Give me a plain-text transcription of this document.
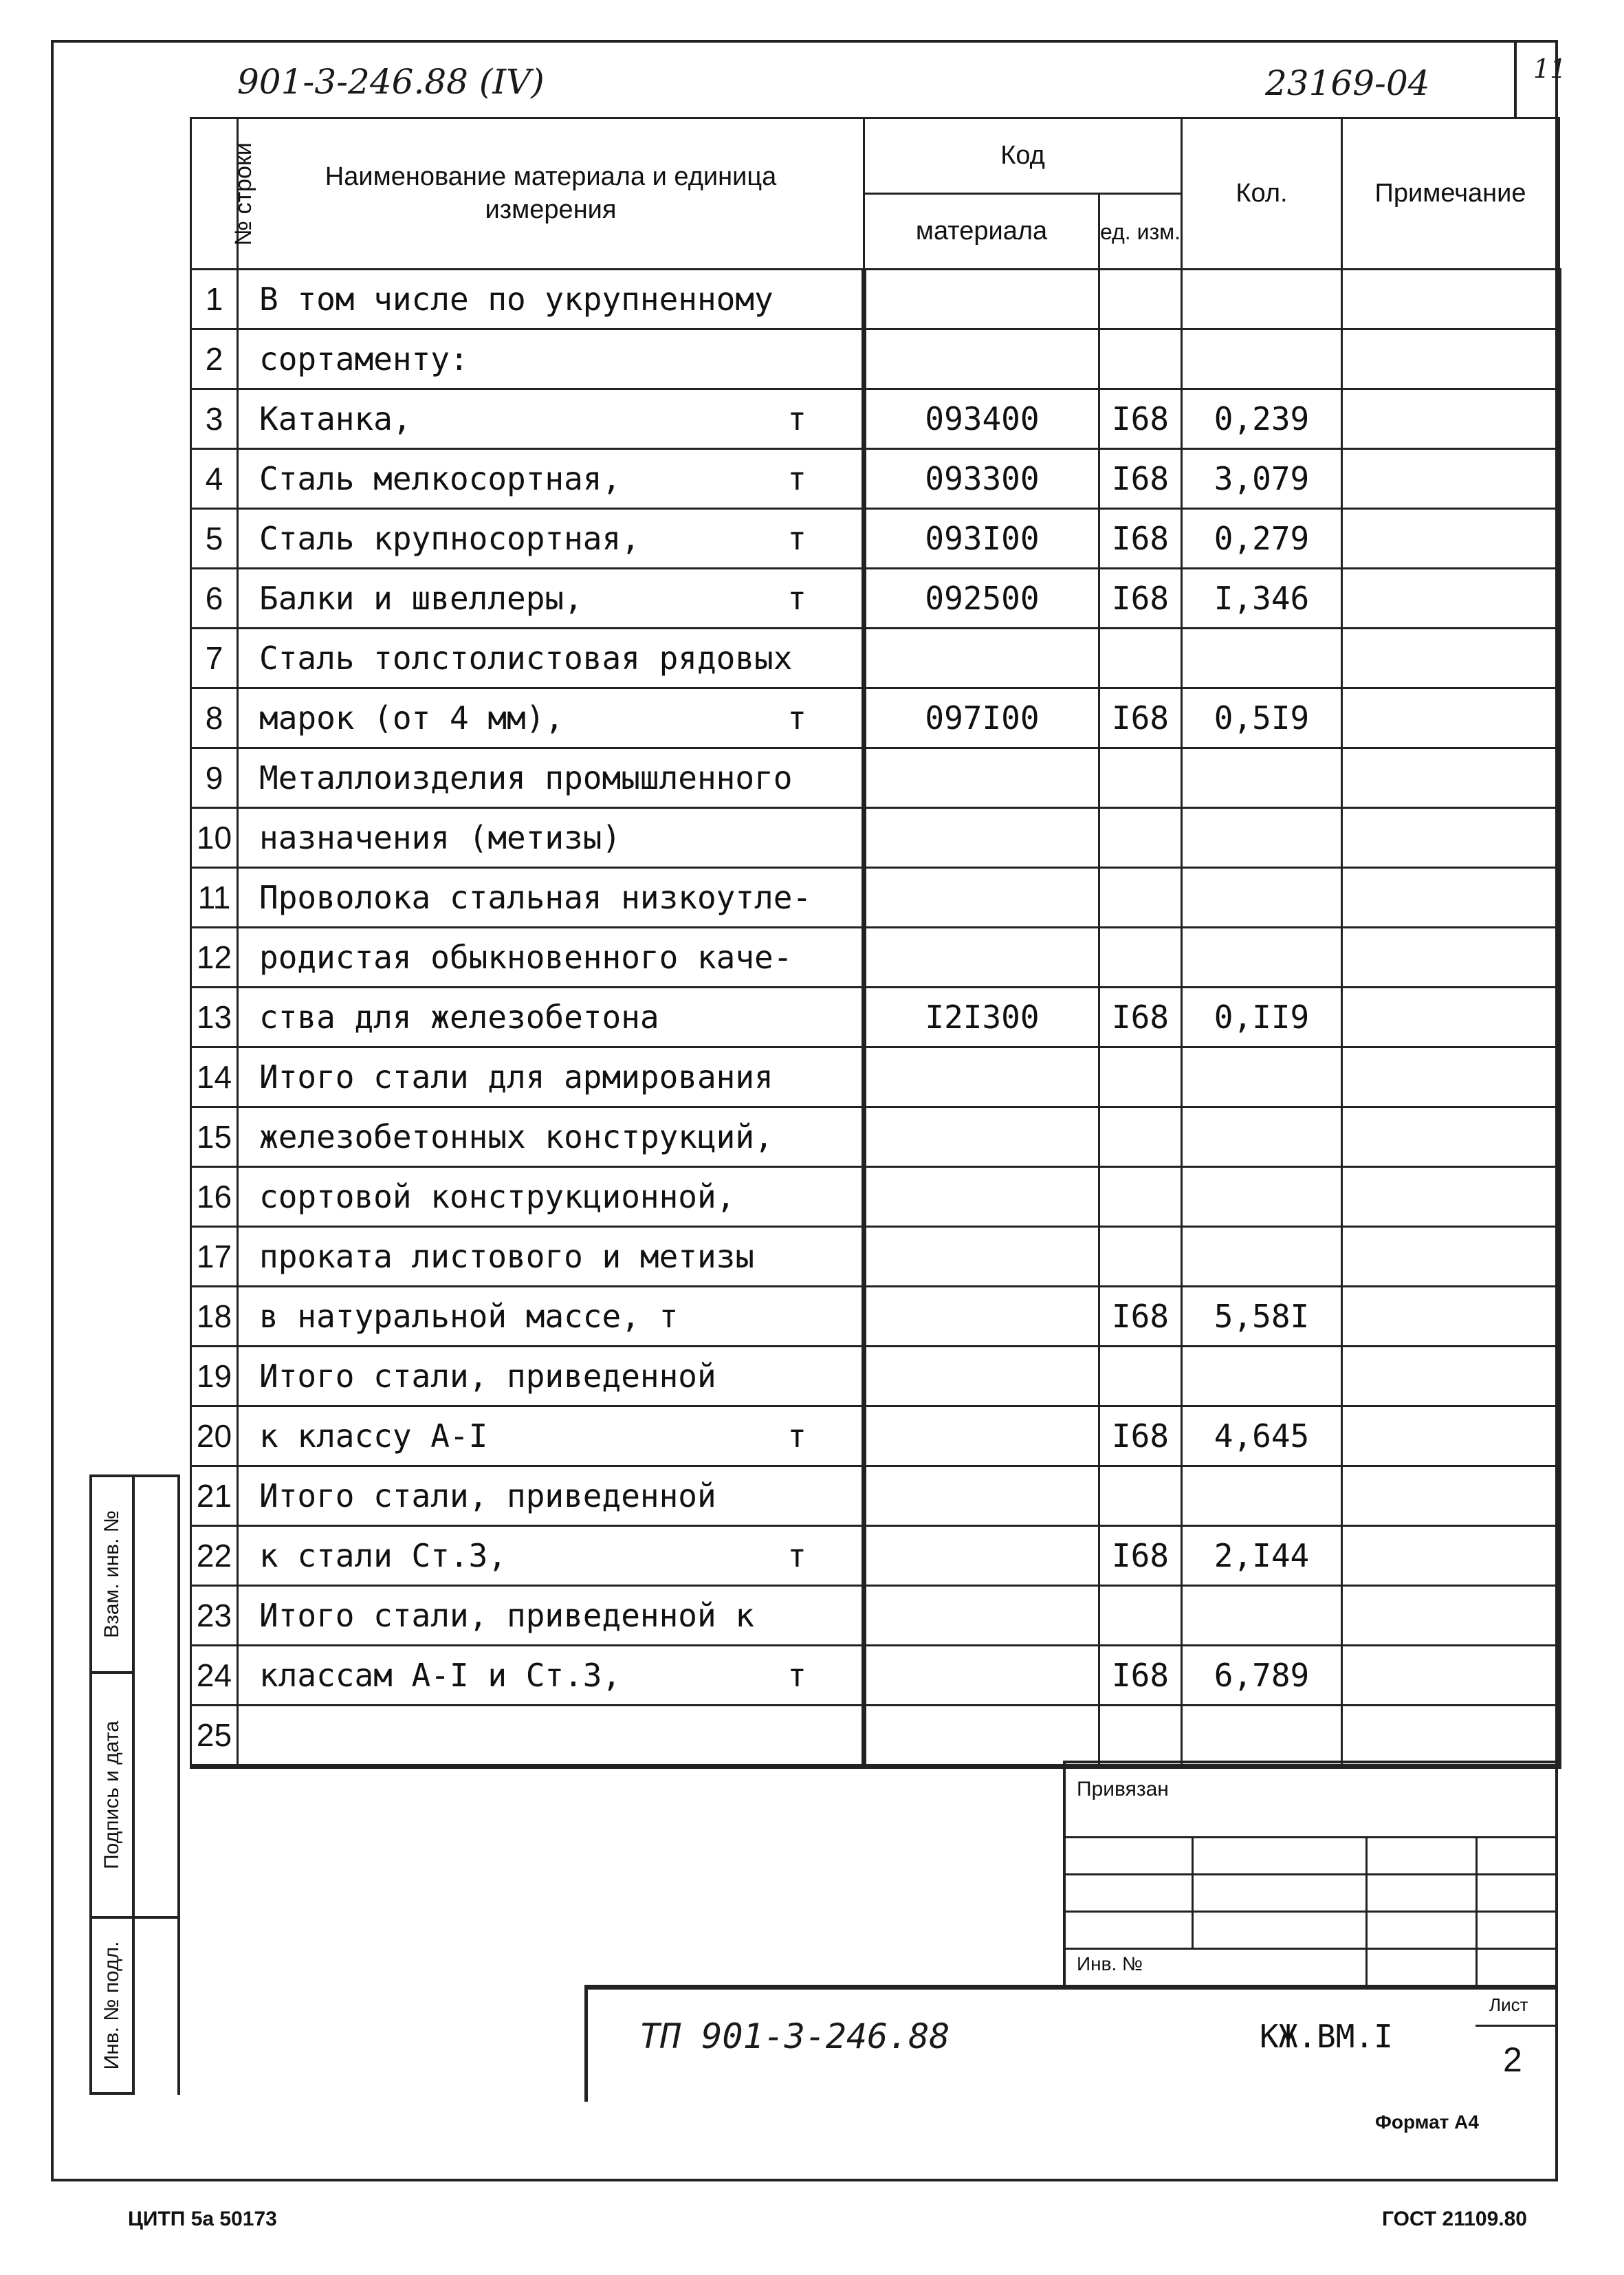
901-3-246.88 (IV)	23169-04	11
№ строки	Наименование материала и единица измерения	Код		Кол.	Примечание
		материала	ед. изм.		
1	В том числе по укрупненному

2	сортаменту:

3	Катанка, т	093400	I68	0,239	
4	Сталь мелкосортная, т	093300	I68	3,079	
5	Сталь крупносортная, т	093I00	I68	0,279	
6	Балки и швеллеры, т	092500	I68	I,346	
7	Сталь толстолистовая рядовых

8	марок (от 4 мм), т	097I00	I68	0,5I9	
9	Металлоизделия промышленного

10	назначения (метизы)

11	Проволока стальная низкоутле-

12	родистая обыкновенного каче-

13	ства для железобетона	I2I300	I68	0,II9	
14	Итого стали для армирования

15	железобетонных конструкций,

16	сортовой конструкционной,

17	проката листового и метизы

18	в натуральной массе, т		I68	5,58I	
19	Итого стали, приведенной

20	к классу А-I т		I68	4,645	
21	Итого стали, приведенной

22	к стали Ст.3, т		I68	2,I44	
23	Итого стали, приведенной к

24	классам А-I и Ст.3, т		I68	6,789	
25	

Взам. инв. №
Подпись и дата
Инв. № подл.
Привязан
Инв. №
ТП 901-3-246.88	КЖ.ВМ.I
Лист
2
Формат А4
ЦИТП 5а 50173	ГОСТ 21109.80
